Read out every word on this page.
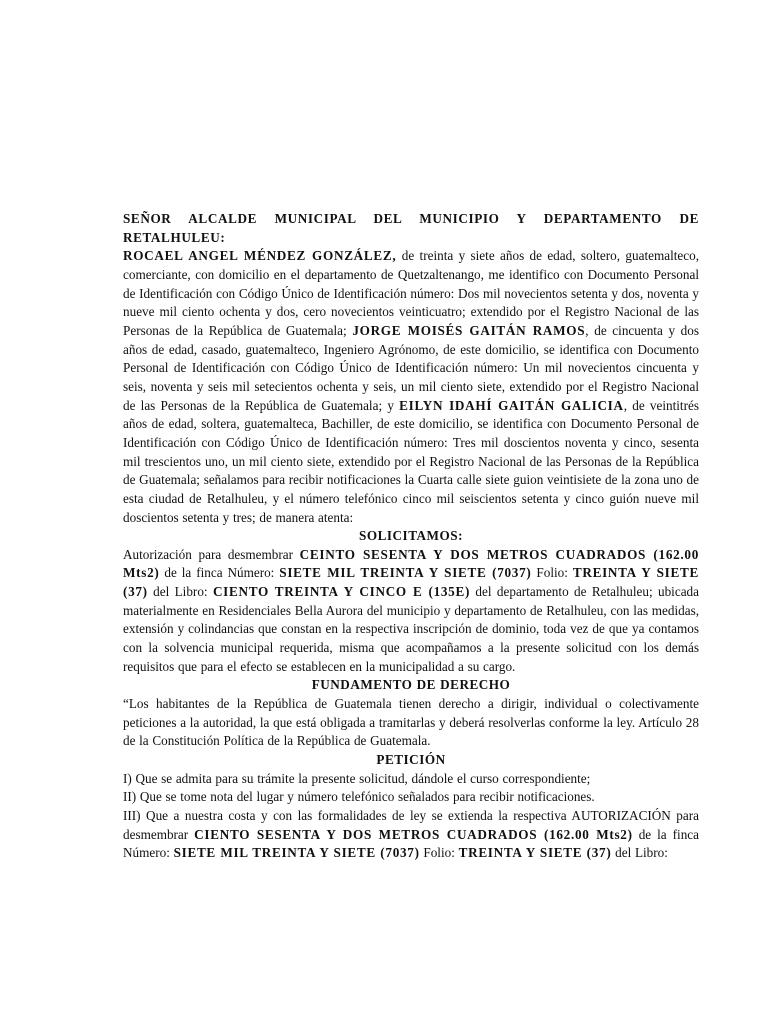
SEÑOR ALCALDE MUNICIPAL DEL MUNICIPIO Y DEPARTAMENTO DE RETALHULEU:

ROCAEL ANGEL MÉNDEZ GONZÁLEZ, de treinta y siete años de edad, soltero, guatemalteco, comerciante, con domicilio en el departamento de Quetzaltenango, me identifico con Documento Personal de Identificación con Código Único de Identificación número: Dos mil novecientos setenta y dos, noventa y nueve mil ciento ochenta y dos, cero novecientos veinticuatro; extendido por el Registro Nacional de las Personas de la República de Guatemala; JORGE MOISÉS GAITÁN RAMOS, de cincuenta y dos años de edad, casado, guatemalteco, Ingeniero Agrónomo, de este domicilio, se identifica con Documento Personal de Identificación con Código Único de Identificación número: Un mil novecientos cincuenta y seis, noventa y seis mil setecientos ochenta y seis, un mil ciento siete, extendido por el Registro Nacional de las Personas de la República de Guatemala; y EILYN IDAHÍ GAITÁN GALICIA, de veintitrés años de edad, soltera, guatemalteca, Bachiller, de este domicilio, se identifica con Documento Personal de Identificación con Código Único de Identificación número: Tres mil doscientos noventa y cinco, sesenta mil trescientos uno, un mil ciento siete, extendido por el Registro Nacional de las Personas de la República de Guatemala; señalamos para recibir notificaciones la Cuarta calle siete guion veintisiete de la zona uno de esta ciudad de Retalhuleu, y el número telefónico cinco mil seiscientos setenta y cinco guión nueve mil doscientos setenta y tres; de manera atenta:

SOLICITAMOS:

Autorización para desmembrar CEINTO SESENTA Y DOS METROS CUADRADOS (162.00 Mts2) de la finca Número: SIETE MIL TREINTA Y SIETE (7037) Folio: TREINTA Y SIETE (37) del Libro: CIENTO TREINTA Y CINCO E (135E) del departamento de Retalhuleu; ubicada materialmente en Residenciales Bella Aurora del municipio y departamento de Retalhuleu, con las medidas, extensión y colindancias que constan en la respectiva inscripción de dominio, toda vez de que ya contamos con la solvencia municipal requerida, misma que acompañamos a la presente solicitud con los demás requisitos que para el efecto se establecen en la municipalidad a su cargo.

FUNDAMENTO DE DERECHO

“Los habitantes de la República de Guatemala tienen derecho a dirigir, individual o colectivamente peticiones a la autoridad, la que está obligada a tramitarlas y deberá resolverlas conforme la ley. Artículo 28 de la Constitución Política de la República de Guatemala.

PETICIÓN

I) Que se admita para su trámite la presente solicitud, dándole el curso correspondiente;

II) Que se tome nota del lugar y número telefónico señalados para recibir notificaciones.

III) Que a nuestra costa y con las formalidades de ley se extienda la respectiva AUTORIZACIÓN para desmembrar CIENTO SESENTA Y DOS METROS CUADRADOS (162.00 Mts2) de la finca Número: SIETE MIL TREINTA Y SIETE (7037) Folio: TREINTA Y SIETE (37) del Libro:
